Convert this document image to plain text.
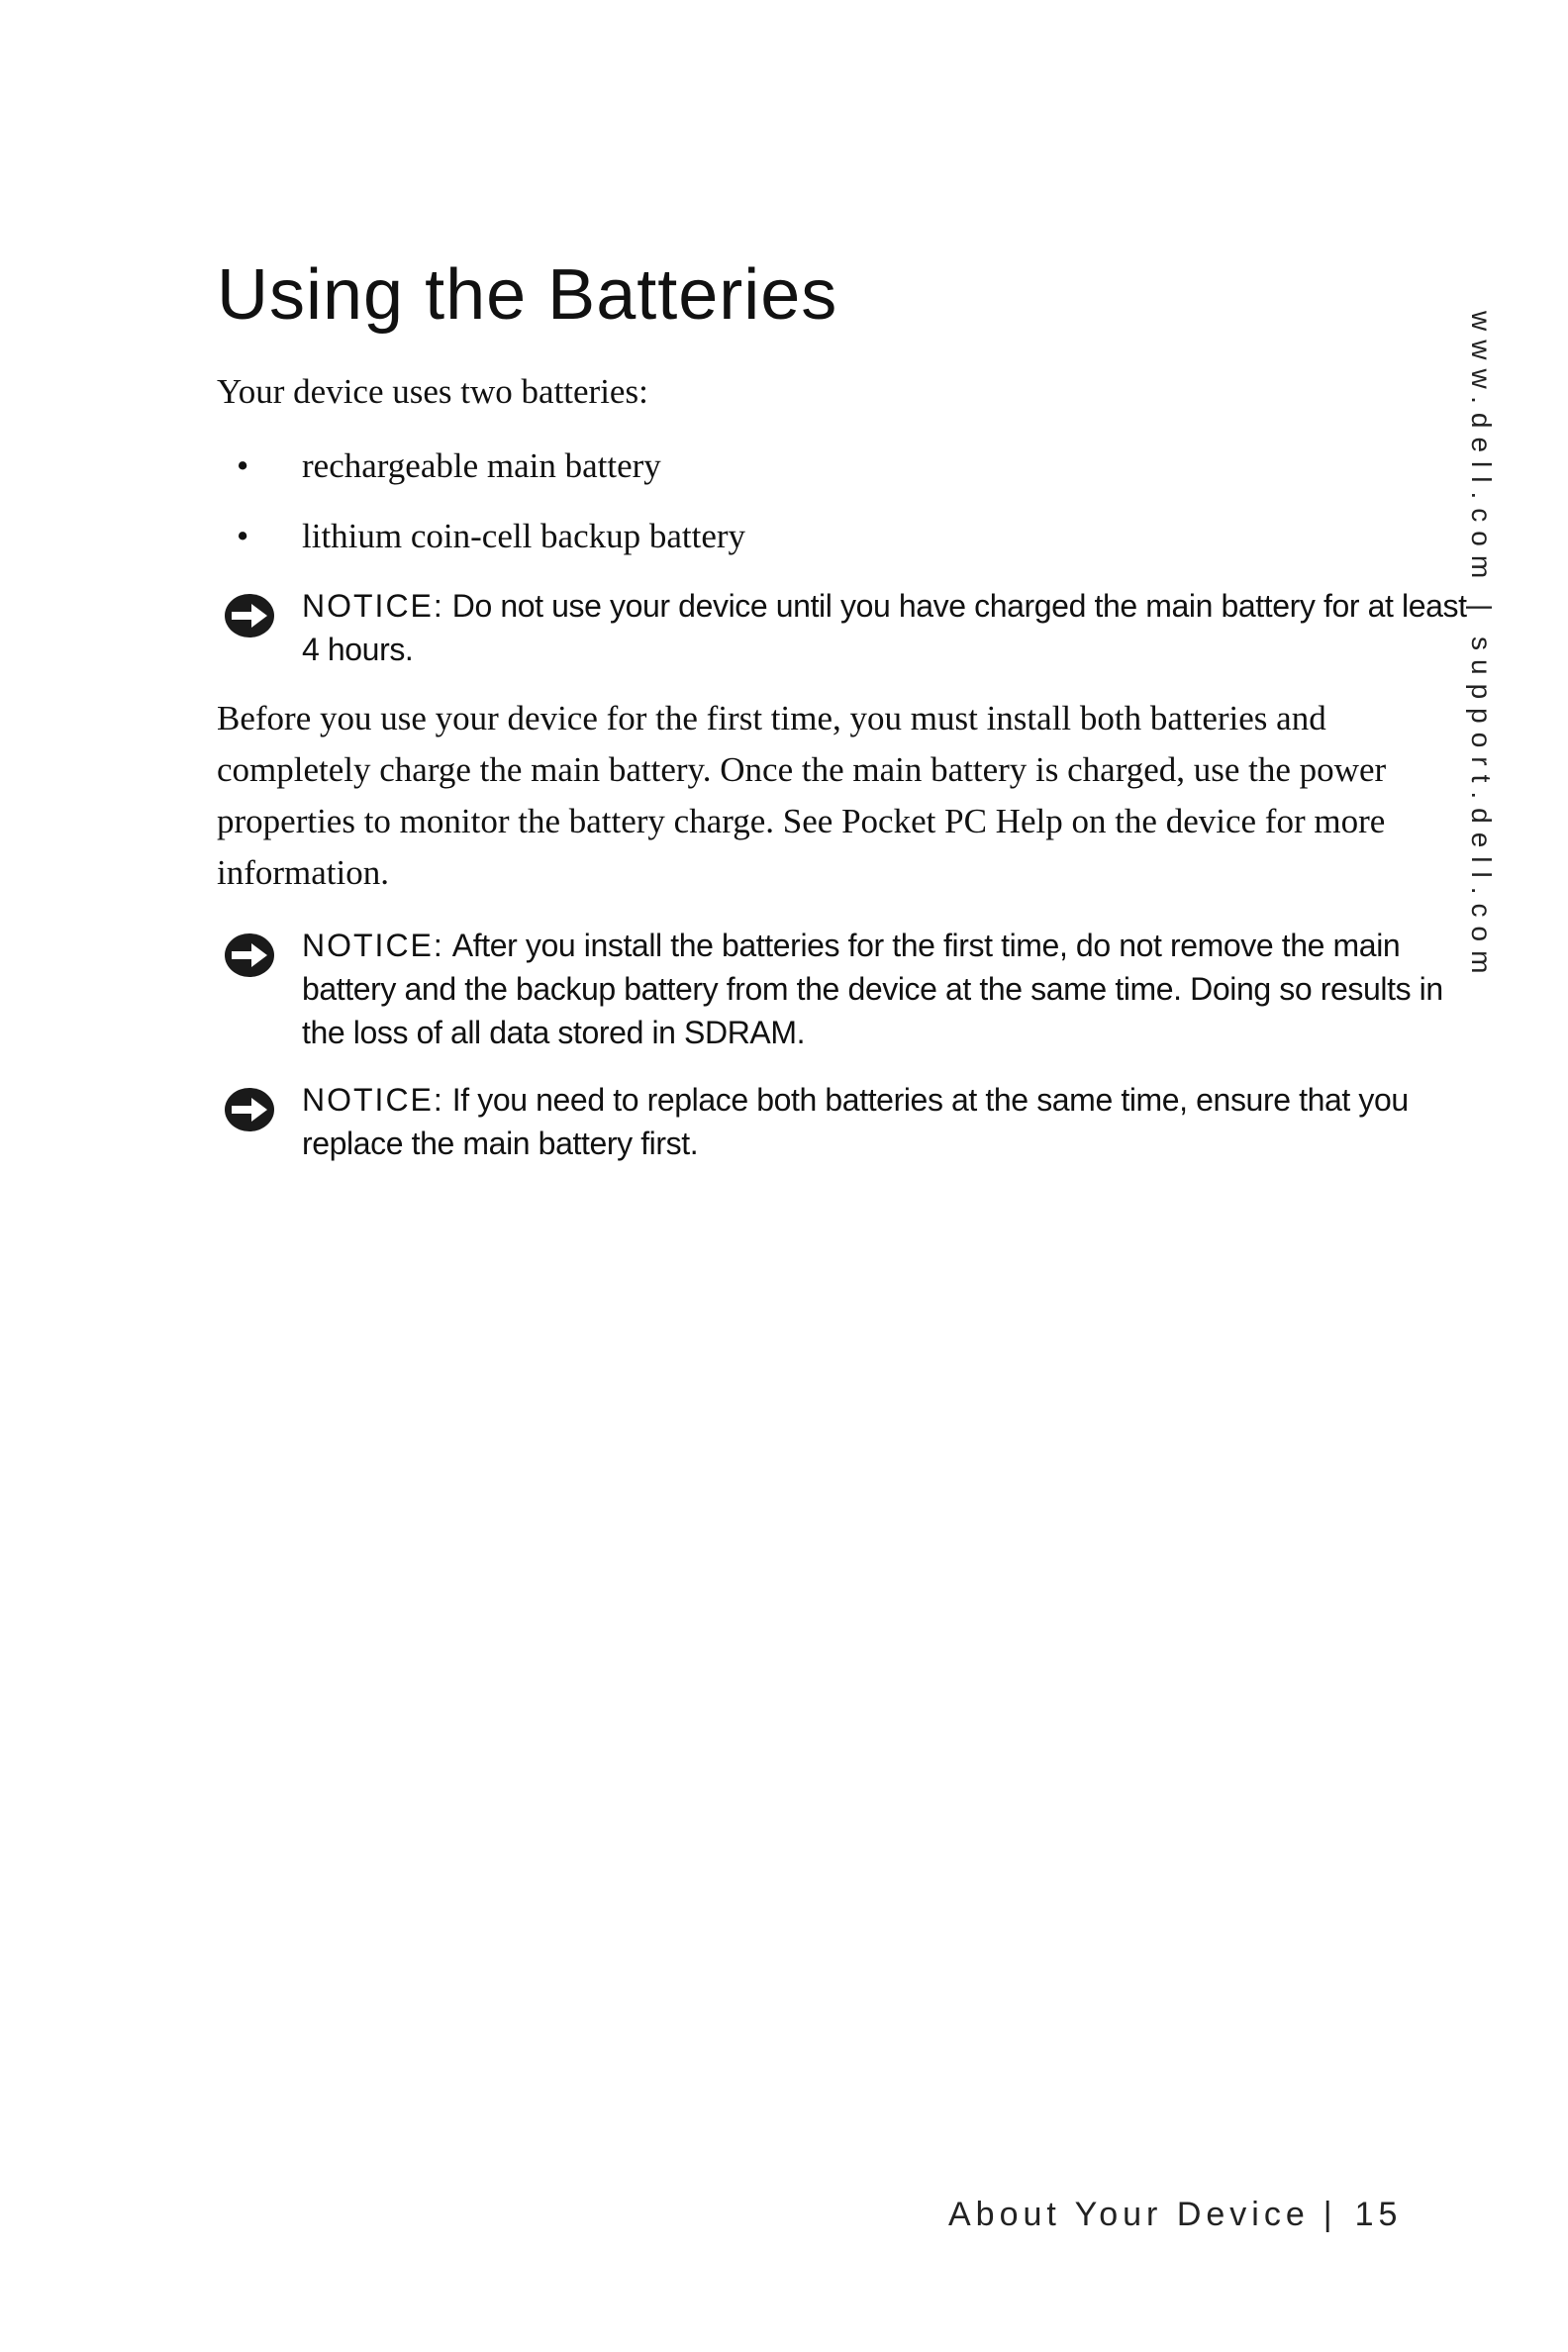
Using the Batteries

Your device uses two batteries:

• rechargeable main battery
• lithium coin-cell backup battery
NOTICE: Do not use your device until you have charged the main battery for at least 4 hours.

Before you use your device for the first time, you must install both batteries and completely charge the main battery. Once the main battery is charged, use the power properties to monitor the battery charge. See Pocket PC Help on the device for more information.

NOTICE: After you install the batteries for the first time, do not remove the main battery and the backup battery from the device at the same time. Doing so results in the loss of all data stored in SDRAM.
NOTICE: If you need to replace both batteries at the same time, ensure that you replace the main battery first.
www.dell.com | support.dell.com
About Your Device | 15
